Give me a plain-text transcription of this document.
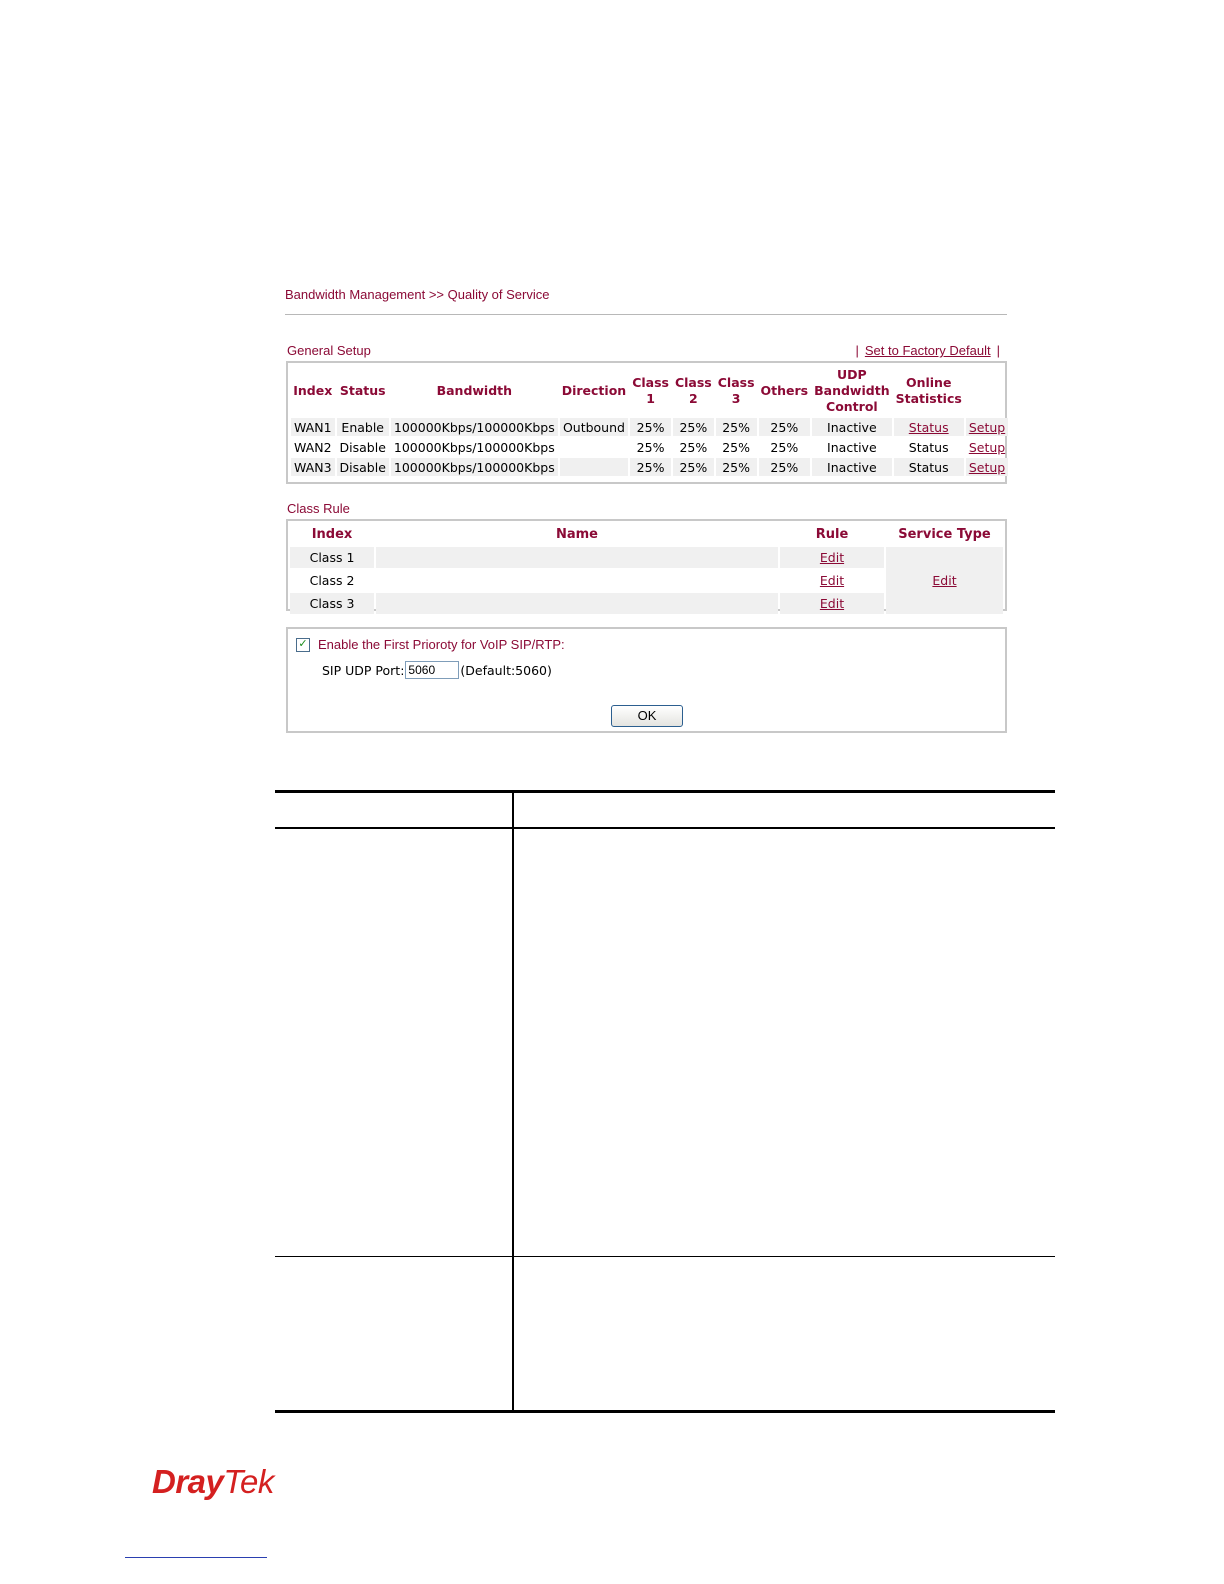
Bandwidth Management >> Quality of Service
General Setup	| Set to Factory Default |
Index	Status	Bandwidth	Direction	Class 1	Class 2	Class 3	Others	UDP Bandwidth Control	Online Statistics	
WAN1	Enable	100000Kbps/100000Kbps	Outbound	25%	25%	25%	25%	Inactive	Status	Setup
WAN2	Disable	100000Kbps/100000Kbps		25%	25%	25%	25%	Inactive	Status	Setup
WAN3	Disable	100000Kbps/100000Kbps		25%	25%	25%	25%	Inactive	Status	Setup
Class Rule
Index	Name	Rule	Service Type
Class 1		Edit	Edit
Class 2		Edit	
Class 3		Edit	
✓ Enable the First Prioroty for VoIP SIP/RTP:
SIP UDP Port:
5060	(Default:5060)
OK
DrayTek
